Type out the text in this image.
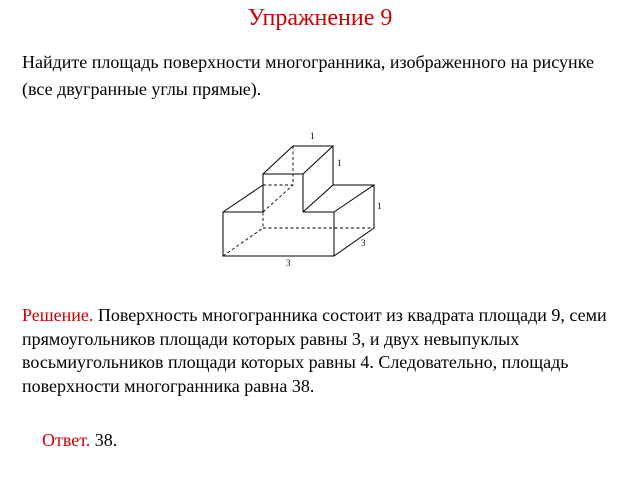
Упражнение 9
Найдите площадь поверхности многогранника, изображенного на рисунке (все двугранные углы прямые).
1
1
1
3
3
Решение. Поверхность многогранника состоит из квадрата площади 9, семи прямоугольников площади которых равны 3, и двух невыпуклых восьмиугольников площади которых равны 4. Следовательно, площадь поверхности многогранника равна 38.
Ответ. 38.
